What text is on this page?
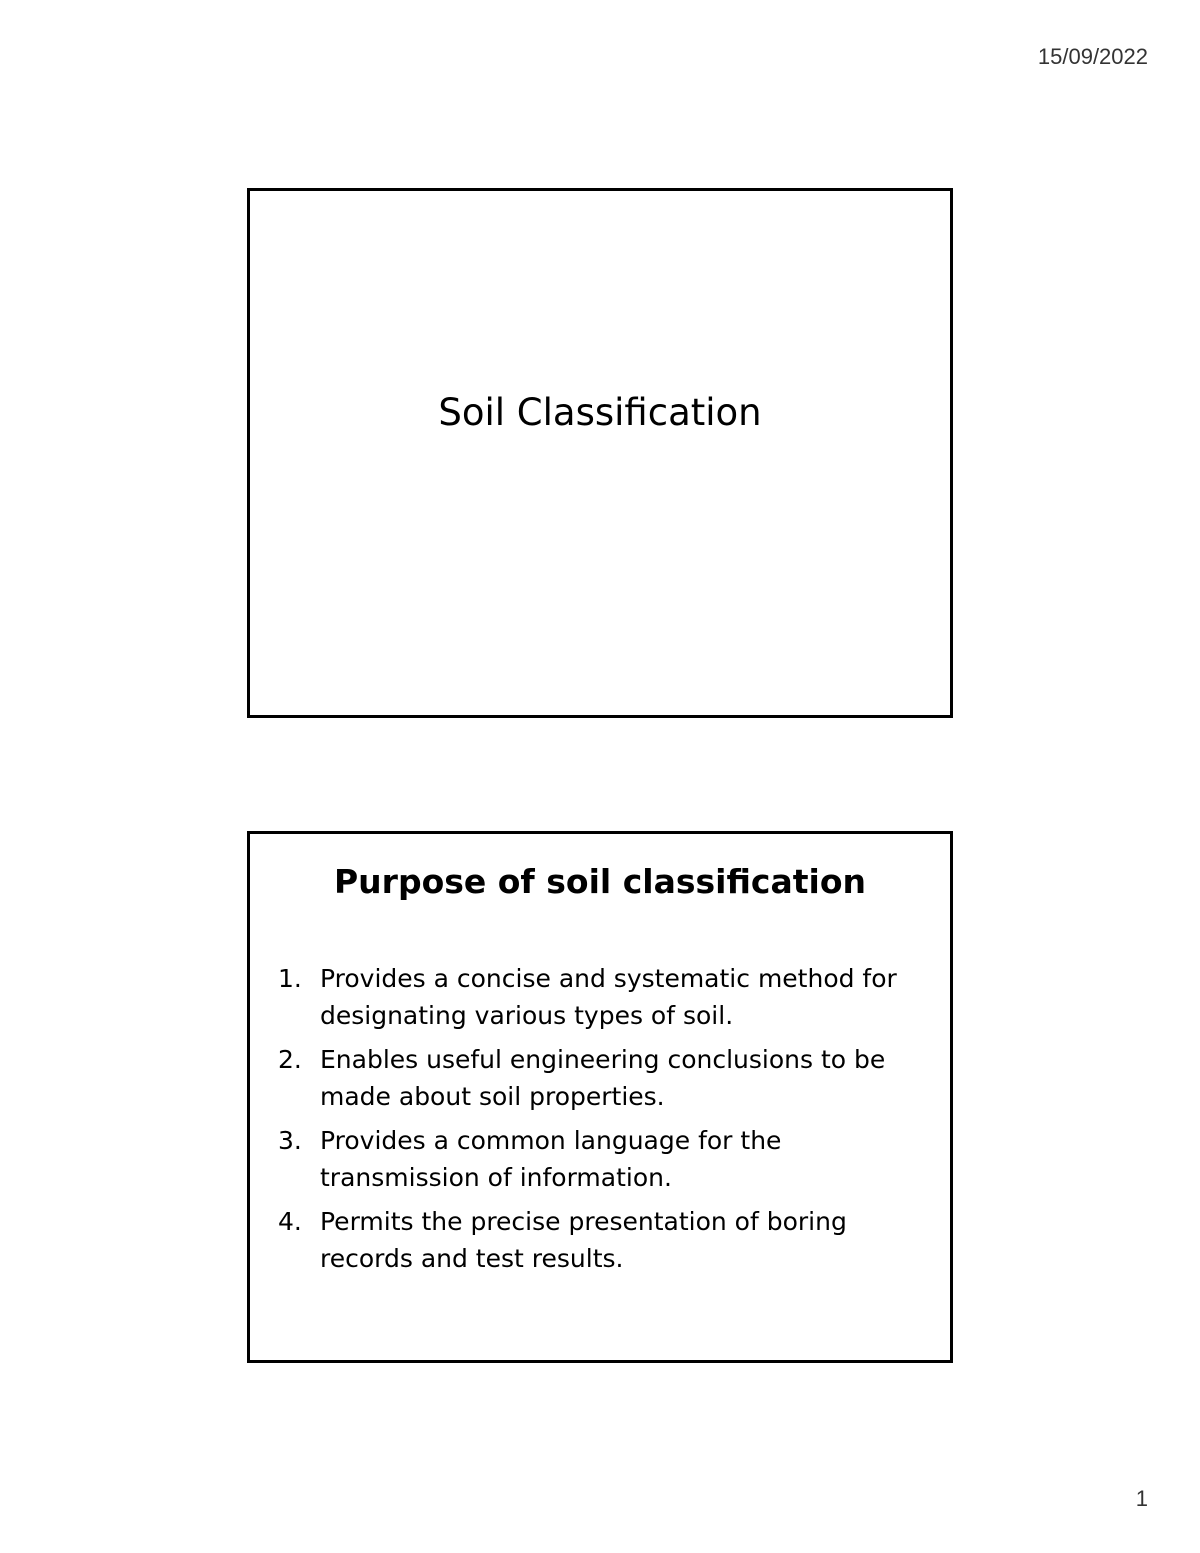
15/09/2022
Soil Classification
Purpose of soil classification
1. Provides a concise and systematic method for designating various types of soil.
2. Enables useful engineering conclusions to be made about soil properties.
3. Provides a common language for the transmission of information.
4. Permits the precise presentation of boring records and test results.
1
